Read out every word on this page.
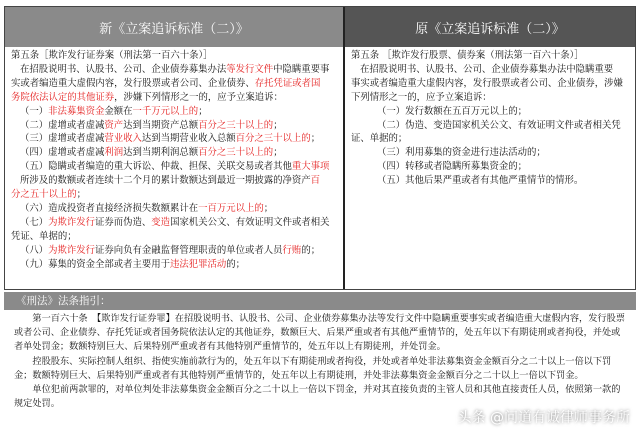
新《立案追诉标准（二）》	原《立案追诉标准（二）》
第五条［欺诈发行证券案（刑法第一百六十条）］
在招股说明书、认股书、公司、企业债券募集办法等发行文件中隐瞒重要事
实或者编造重大虚假内容，发行股票或者公司、企业债券、存托凭证或者国
务院依法认定的其他证券，涉嫌下列情形之一的，应予立案追诉：
（一）非法募集资金金额在一千万元以上的；
（二）虚增或者虚减资产达到当期资产总额百分之三十以上的；
（三）虚增或者虚减营业收入达到当期营业收入总额百分之三十以上的；
（四）虚增或者虚减利润达到当期利润总额百分之三十以上的；
（五）隐瞒或者编造的重大诉讼、仲裁、担保、关联交易或者其他重大事项
所涉及的数额或者连续十二个月的累计数额达到最近一期披露的净资产百
分之五十以上的；
（六）造成投资者直接经济损失数额累计在一百万元以上的；
（七）为欺诈发行证券而伪造、变造国家机关公文、有效证明文件或者相关
凭证、单据的；
（八）为欺诈发行证券向负有金融监督管理职责的单位或者人员行贿的；
（九）募集的资金全部或者主要用于违法犯罪活动的；
第五条 ［欺诈发行股票、债券案（刑法第一百六十条）］
在招股说明书、认股书、公司、企业债券募集办法中隐瞒重要
事实或者编造重大虚假内容，发行股票或者公司、企业债券，涉嫌
下列情形之一的，应予立案追诉：
（一）发行数额在五百万元以上的；
（二）伪造、变造国家机关公文、有效证明文件或者相关凭
证、单据的；
（三）利用募集的资金进行违法活动的；
（四）转移或者隐瞒所募集资金的；
（五）其他后果严重或者有其他严重情节的情形。
《刑法》法条指引：

第一百六十条　【欺诈发行证券罪】在招股说明书、认股书、公司、企业债券募集办法等发行文件中隐瞒重要事实或者编造重大虚假内容，发行股票或者公司、企业债券、存托凭证或者国务院依法认定的其他证券，数额巨大、后果严重或者有其他严重情节的，处五年以下有期徒刑或者拘役，并处或者单处罚金；数额特别巨大、后果特别严重或者有其他特别严重情节的，处五年以上有期徒刑，并处罚金。

控股股东、实际控制人组织、指使实施前款行为的，处五年以下有期徒刑或者拘役，并处或者单处非法募集资金金额百分之二十以上一倍以下罚金；数额特别巨大、后果特别严重或者有其他特别严重情节的，处五年以上有期徒刑，并处非法募集资金金额百分之二十以上一倍以下罚金。

单位犯前两款罪的，对单位判处非法募集资金金额百分之二十以上一倍以下罚金，并对其直接负责的主管人员和其他直接责任人员，依照第一款的规定处罚。

头条 @问道有诚律师事务所
